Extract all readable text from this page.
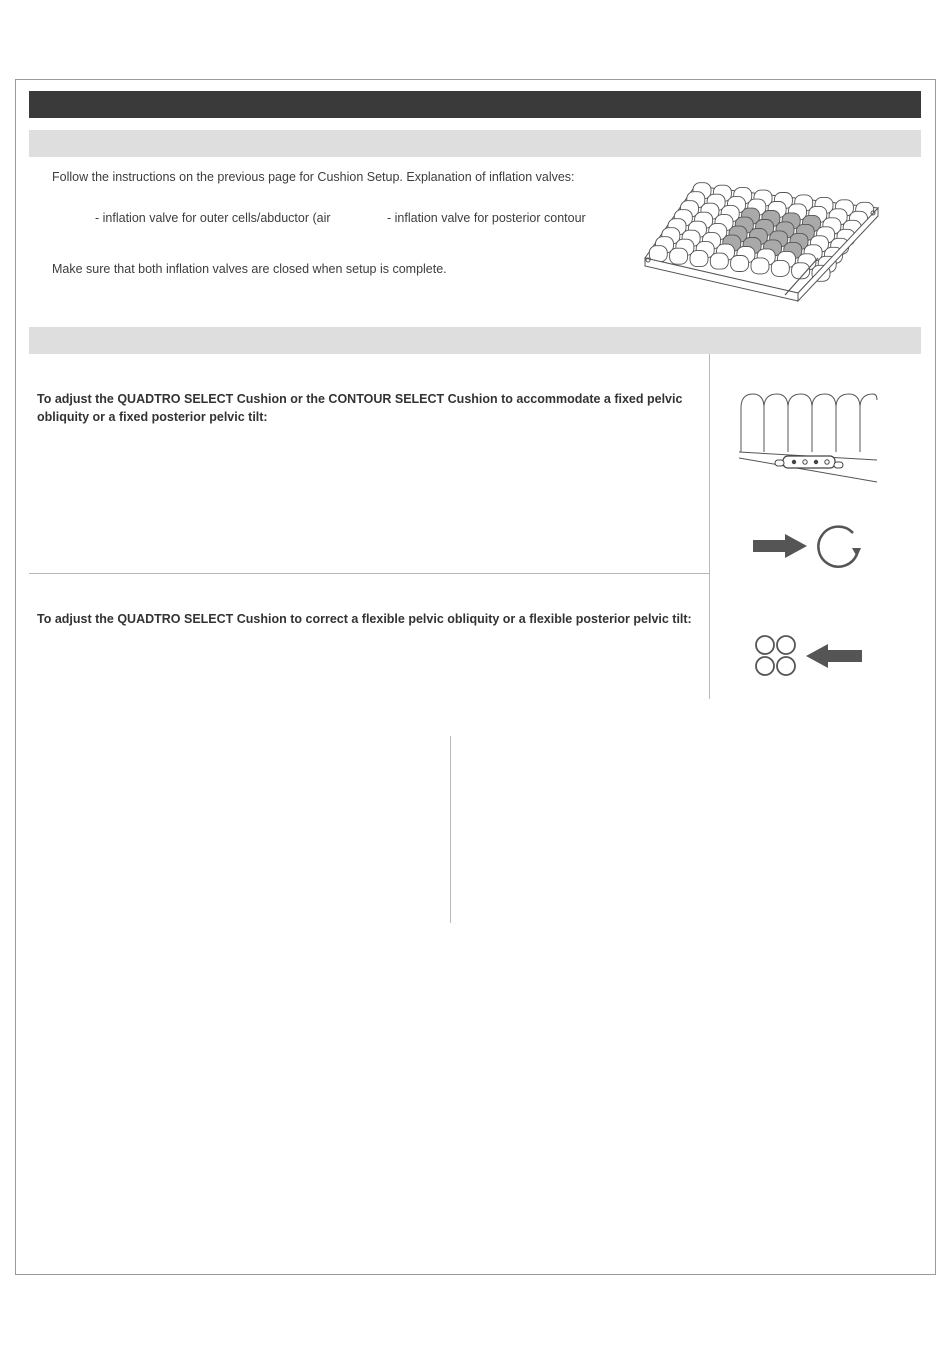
Follow the instructions on the previous page for Cushion Setup. Explanation of inflation valves:
- inflation valve for outer cells/abductor (air	- inflation valve for posterior contour
Make sure that both inflation valves are closed when setup is complete.
To adjust the QUADTRO SELECT Cushion or the CONTOUR SELECT Cushion to accommodate a fixed pelvic obliquity or a fixed posterior pelvic tilt:
To adjust the QUADTRO SELECT Cushion to correct a flexible pelvic obliquity or a flexible posterior pelvic tilt:
